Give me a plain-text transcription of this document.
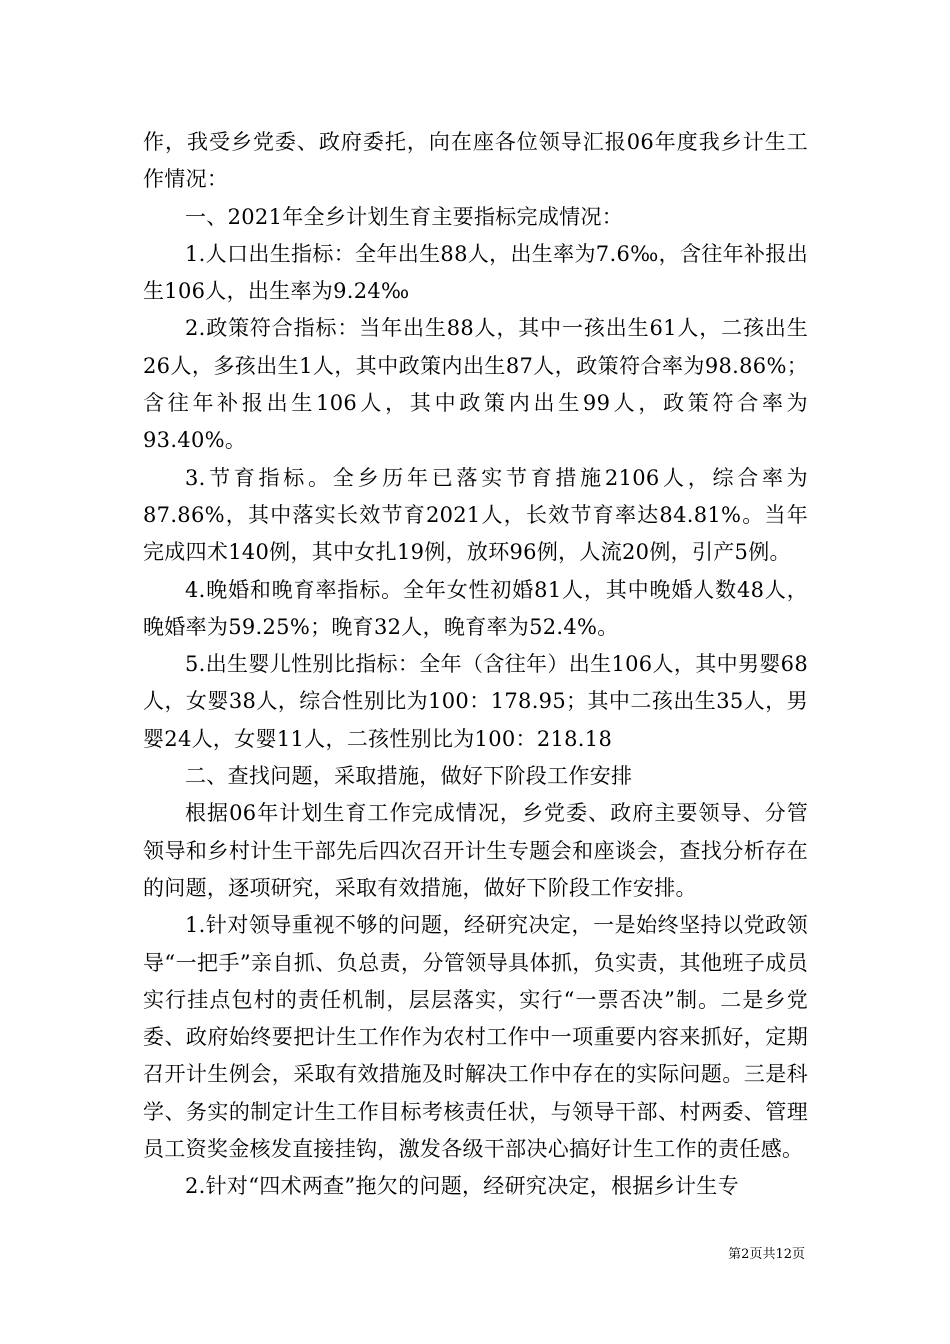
作，我受乡党委、政府委托，向在座各位领导汇报06年度我乡计生工作情况：

一、2021年全乡计划生育主要指标完成情况：

1.人口出生指标：全年出生88人，出生率为7.6‰，含往年补报出生106人，出生率为9.24‰

2.政策符合指标：当年出生88人，其中一孩出生61人，二孩出生26人，多孩出生1人，其中政策内出生87人，政策符合率为98.86%；含往年补报出生106人，其中政策内出生99人，政策符合率为93.40%。

3.节育指标。全乡历年已落实节育措施2106人，综合率为87.86%，其中落实长效节育2021人，长效节育率达84.81%。当年完成四术140例，其中女扎19例，放环96例，人流20例，引产5例。

4.晚婚和晚育率指标。全年女性初婚81人，其中晚婚人数48人，晚婚率为59.25%；晚育32人，晚育率为52.4%。

5.出生婴儿性别比指标：全年（含往年）出生106人，其中男婴68人，女婴38人，综合性别比为100：178.95；其中二孩出生35人，男婴24人，女婴11人，二孩性别比为100：218.18

二、查找问题，采取措施，做好下阶段工作安排

根据06年计划生育工作完成情况，乡党委、政府主要领导、分管领导和乡村计生干部先后四次召开计生专题会和座谈会，查找分析存在的问题，逐项研究，采取有效措施，做好下阶段工作安排。

1.针对领导重视不够的问题，经研究决定，一是始终坚持以党政领导“一把手”亲自抓、负总责，分管领导具体抓，负实责，其他班子成员实行挂点包村的责任机制，层层落实，实行“一票否决”制。二是乡党委、政府始终要把计生工作作为农村工作中一项重要内容来抓好，定期召开计生例会，采取有效措施及时解决工作中存在的实际问题。三是科学、务实的制定计生工作目标考核责任状，与领导干部、村两委、管理员工资奖金核发直接挂钩，激发各级干部决心搞好计生工作的责任感。

2.针对“四术两查”拖欠的问题，经研究决定，根据乡计生专

第2页共12页
